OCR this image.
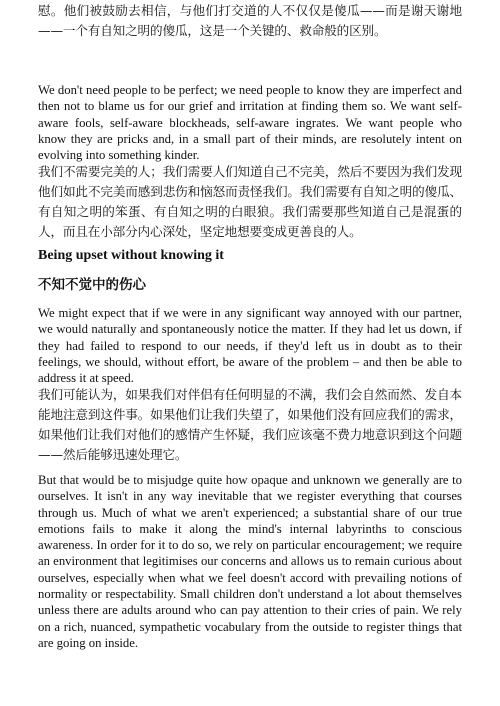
慰。他们被鼓励去相信，与他们打交道的人不仅仅是傻瓜——而是谢天谢地——一个有自知之明的傻瓜，这是一个关键的、救命般的区别。

We don't need people to be perfect; we need people to know they are imperfect and then not to blame us for our grief and irritation at finding them so. We want self-aware fools, self-aware blockheads, self-aware ingrates. We want people who know they are pricks and, in a small part of their minds, are resolutely intent on evolving into something kinder.

我们不需要完美的人；我们需要人们知道自己不完美，然后不要因为我们发现他们如此不完美而感到悲伤和恼怒而责怪我们。我们需要有自知之明的傻瓜、有自知之明的笨蛋、有自知之明的白眼狼。我们需要那些知道自己是混蛋的人，而且在小部分内心深处，坚定地想要变成更善良的人。

Being upset without knowing it
不知不觉中的伤心

We might expect that if we were in any significant way annoyed with our partner, we would naturally and spontaneously notice the matter. If they had let us down, if they had failed to respond to our needs, if they'd left us in doubt as to their feelings, we should, without effort, be aware of the problem – and then be able to address it at speed.

我们可能认为，如果我们对伴侣有任何明显的不满，我们会自然而然、发自本能地注意到这件事。如果他们让我们失望了，如果他们没有回应我们的需求，如果他们让我们对他们的感情产生怀疑，我们应该毫不费力地意识到这个问题——然后能够迅速处理它。

But that would be to misjudge quite how opaque and unknown we generally are to ourselves. It isn't in any way inevitable that we register everything that courses through us. Much of what we aren't experienced; a substantial share of our true emotions fails to make it along the mind's internal labyrinths to conscious awareness. In order for it to do so, we rely on particular encouragement; we require an environment that legitimises our concerns and allows us to remain curious about ourselves, especially when what we feel doesn't accord with prevailing notions of normality or respectability. Small children don't understand a lot about themselves unless there are adults around who can pay attention to their cries of pain. We rely on a rich, nuanced, sympathetic vocabulary from the outside to register things that are going on inside.
